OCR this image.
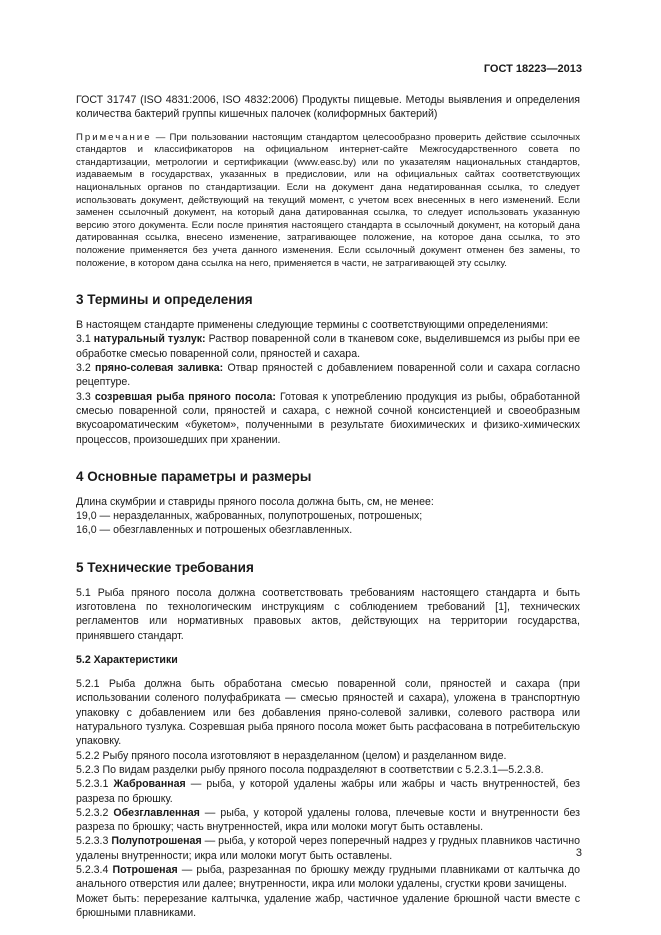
ГОСТ 18223—2013

ГОСТ 31747 (ISO 4831:2006, ISO 4832:2006) Продукты пищевые. Методы выявления и определения количества бактерий группы кишечных палочек (колиформных бактерий)

Примечание — При пользовании настоящим стандартом целесообразно проверить действие ссылочных стандартов и классификаторов на официальном интернет-сайте Межгосударственного совета по стандартизации, метрологии и сертификации (www.easc.by) или по указателям национальных стандартов, издаваемым в государствах, указанных в предисловии, или на официальных сайтах соответствующих национальных органов по стандартизации. Если на документ дана недатированная ссылка, то следует использовать документ, действующий на текущий момент, с учетом всех внесенных в него изменений. Если заменен ссылочный документ, на который дана датированная ссылка, то следует использовать указанную версию этого документа. Если после принятия настоящего стандарта в ссылочный документ, на который дана датированная ссылка, внесено изменение, затрагивающее положение, на которое дана ссылка, то это положение применяется без учета данного изменения. Если ссылочный документ отменен без замены, то положение, в котором дана ссылка на него, применяется в части, не затрагивающей эту ссылку.

3 Термины и определения

В настоящем стандарте применены следующие термины с соответствующими определениями:

3.1 натуральный тузлук: Раствор поваренной соли в тканевом соке, выделившемся из рыбы при ее обработке смесью поваренной соли, пряностей и сахара.

3.2 пряно-солевая заливка: Отвар пряностей с добавлением поваренной соли и сахара согласно рецептуре.

3.3 созревшая рыба пряного посола: Готовая к употреблению продукция из рыбы, обработанной смесью поваренной соли, пряностей и сахара, с нежной сочной консистенцией и своеобразным вкусоароматическим «букетом», полученными в результате биохимических и физико-химических процессов, произошедших при хранении.

4 Основные параметры и размеры

Длина скумбрии и ставриды пряного посола должна быть, см, не менее:

19,0 — неразделанных, жаброванных, полупотрошеных, потрошеных;

16,0 — обезглавленных и потрошеных обезглавленных.

5 Технические требования

5.1 Рыба пряного посола должна соответствовать требованиям настоящего стандарта и быть изготовлена по технологическим инструкциям с соблюдением требований [1], технических регламентов или нормативных правовых актов, действующих на территории государства, принявшего стандарт.

5.2 Характеристики

5.2.1 Рыба должна быть обработана смесью поваренной соли, пряностей и сахара (при использовании соленого полуфабриката — смесью пряностей и сахара), уложена в транспортную упаковку с добавлением или без добавления пряно-солевой заливки, солевого раствора или натурального тузлука. Созревшая рыба пряного посола может быть расфасована в потребительскую упаковку.

5.2.2 Рыбу пряного посола изготовляют в неразделанном (целом) и разделанном виде.

5.2.3 По видам разделки рыбу пряного посола подразделяют в соответствии с 5.2.3.1—5.2.3.8.

5.2.3.1 Жаброванная — рыба, у которой удалены жабры или жабры и часть внутренностей, без разреза по брюшку.

5.2.3.2 Обезглавленная — рыба, у которой удалены голова, плечевые кости и внутренности без разреза по брюшку; часть внутренностей, икра или молоки могут быть оставлены.

5.2.3.3 Полупотрошеная — рыба, у которой через поперечный надрез у грудных плавников частично удалены внутренности; икра или молоки могут быть оставлены.

5.2.3.4 Потрошеная — рыба, разрезанная по брюшку между грудными плавниками от калтычка до анального отверстия или далее; внутренности, икра или молоки удалены, сгустки крови зачищены.

Может быть: перерезание калтычка, удаление жабр, частичное удаление брюшной части вместе с брюшными плавниками.

3
